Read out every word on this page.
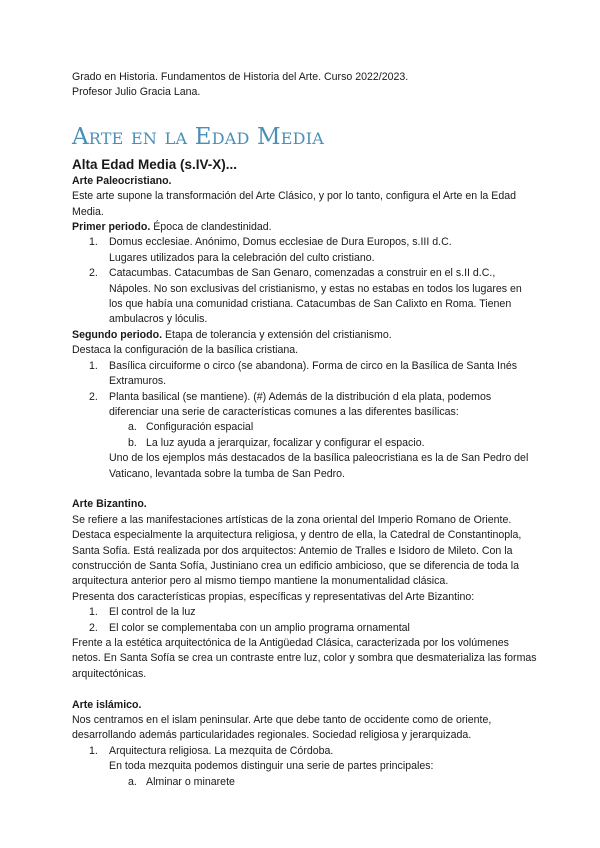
Grado en Historia. Fundamentos de Historia del Arte. Curso 2022/2023.

Profesor Julio Gracia Lana.

Arte en la Edad Media
Alta Edad Media (s.IV-X)...

Arte Paleocristiano.

Este arte supone la transformación del Arte Clásico, y por lo tanto, configura el Arte en la Edad Media.

Primer periodo. Época de clandestinidad.

1. Domus ecclesiae. Anónimo, Domus ecclesiae de Dura Europos, s.III d.C.
Lugares utilizados para la celebración del culto cristiano.
2. Catacumbas. Catacumbas de San Genaro, comenzadas a construir en el s.II d.C., Nápoles. No son exclusivas del cristianismo, y estas no estabas en todos los lugares en los que había una comunidad cristiana. Catacumbas de San Calixto en Roma. Tienen ambulacros y lóculis.

Segundo periodo. Etapa de tolerancia y extensión del cristianismo.

Destaca la configuración de la basílica cristiana.

1. Basílica circuiforme o circo (se abandona). Forma de circo en la Basílica de Santa Inés Extramuros.
2. Planta basilical (se mantiene). (#) Además de la distribución d ela plata, podemos diferenciar una serie de características comunes a las diferentes basílicas:
a. Configuración espacial
b. La luz ayuda a jerarquizar, focalizar y configurar el espacio.
Uno de los ejemplos más destacados de la basílica paleocristiana es la de San Pedro del Vaticano, levantada sobre la tumba de San Pedro.

Arte Bizantino.

Se refiere a las manifestaciones artísticas de la zona oriental del Imperio Romano de Oriente. Destaca especialmente la arquitectura religiosa, y dentro de ella, la Catedral de Constantinopla, Santa Sofía. Está realizada por dos arquitectos: Antemio de Tralles e Isidoro de Mileto. Con la construcción de Santa Sofía, Justiniano crea un edificio ambicioso, que se diferencia de toda la arquitectura anterior pero al mismo tiempo mantiene la monumentalidad clásica.

Presenta dos características propias, específicas y representativas del Arte Bizantino:

1. El control de la luz
2. El color se complementaba con un amplio programa ornamental

Frente a la estética arquitectónica de la Antigüedad Clásica, caracterizada por los volúmenes netos. En Santa Sofía se crea un contraste entre luz, color y sombra que desmaterializa las formas arquitectónicas.

Arte islámico.

Nos centramos en el islam peninsular. Arte que debe tanto de occidente como de oriente, desarrollando además particularidades regionales. Sociedad religiosa y jerarquizada.

1. Arquitectura religiosa. La mezquita de Córdoba.
En toda mezquita podemos distinguir una serie de partes principales:
a. Alminar o minarete
